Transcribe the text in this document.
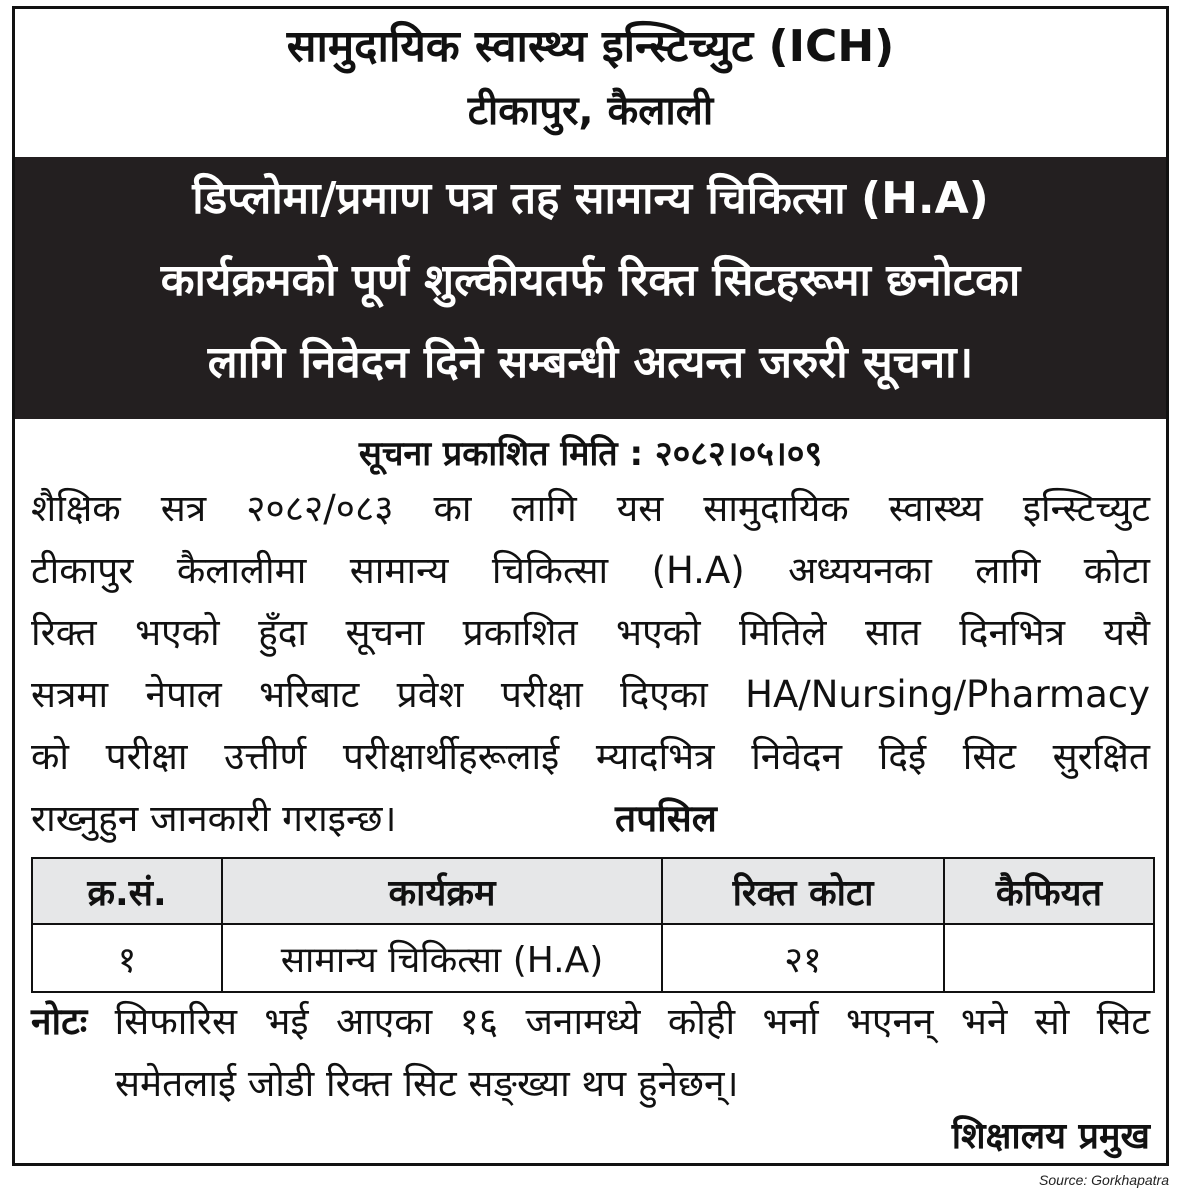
सामुदायिक स्वास्थ्य इन्स्टिच्युट (ICH)
टीकापुर, कैलाली
डिप्लोमा/प्रमाण पत्र तह सामान्य चिकित्सा (H.A)
कार्यक्रमको पूर्ण शुल्कीयतर्फ रिक्त सिटहरूमा छनोटका
लागि निवेदन दिने सम्बन्धी अत्यन्त जरुरी सूचना।
सूचना प्रकाशित मिति : २०८२।०५।०९
शैक्षिक सत्र २०८२/०८३ का लागि यस सामुदायिक स्वास्थ्य इन्स्टिच्युट
टीकापुर कैलालीमा सामान्य चिकित्सा (H.A) अध्ययनका लागि कोटा
रिक्त भएको हुँदा सूचना प्रकाशित भएको मितिले सात दिनभित्र यसै
सत्रमा नेपाल भरिबाट प्रवेश परीक्षा दिएका HA/Nursing/Pharmacy
को परीक्षा उत्तीर्ण परीक्षार्थीहरूलाई म्यादभित्र निवेदन दिई सिट सुरक्षित
राख्नुहुन जानकारी गराइन्छ।	तपसिल
क्र.सं.	कार्यक्रम	रिक्त कोटा	कैफियत
१	सामान्य चिकित्सा (H.A)	२१	
नोटः सिफारिस भई आएका १६ जनामध्ये कोही भर्ना भएनन् भने सो सिट
समेतलाई जोडी रिक्त सिट सङ्ख्या थप हुनेछन्।
शिक्षालय प्रमुख
Source: Gorkhapatra
